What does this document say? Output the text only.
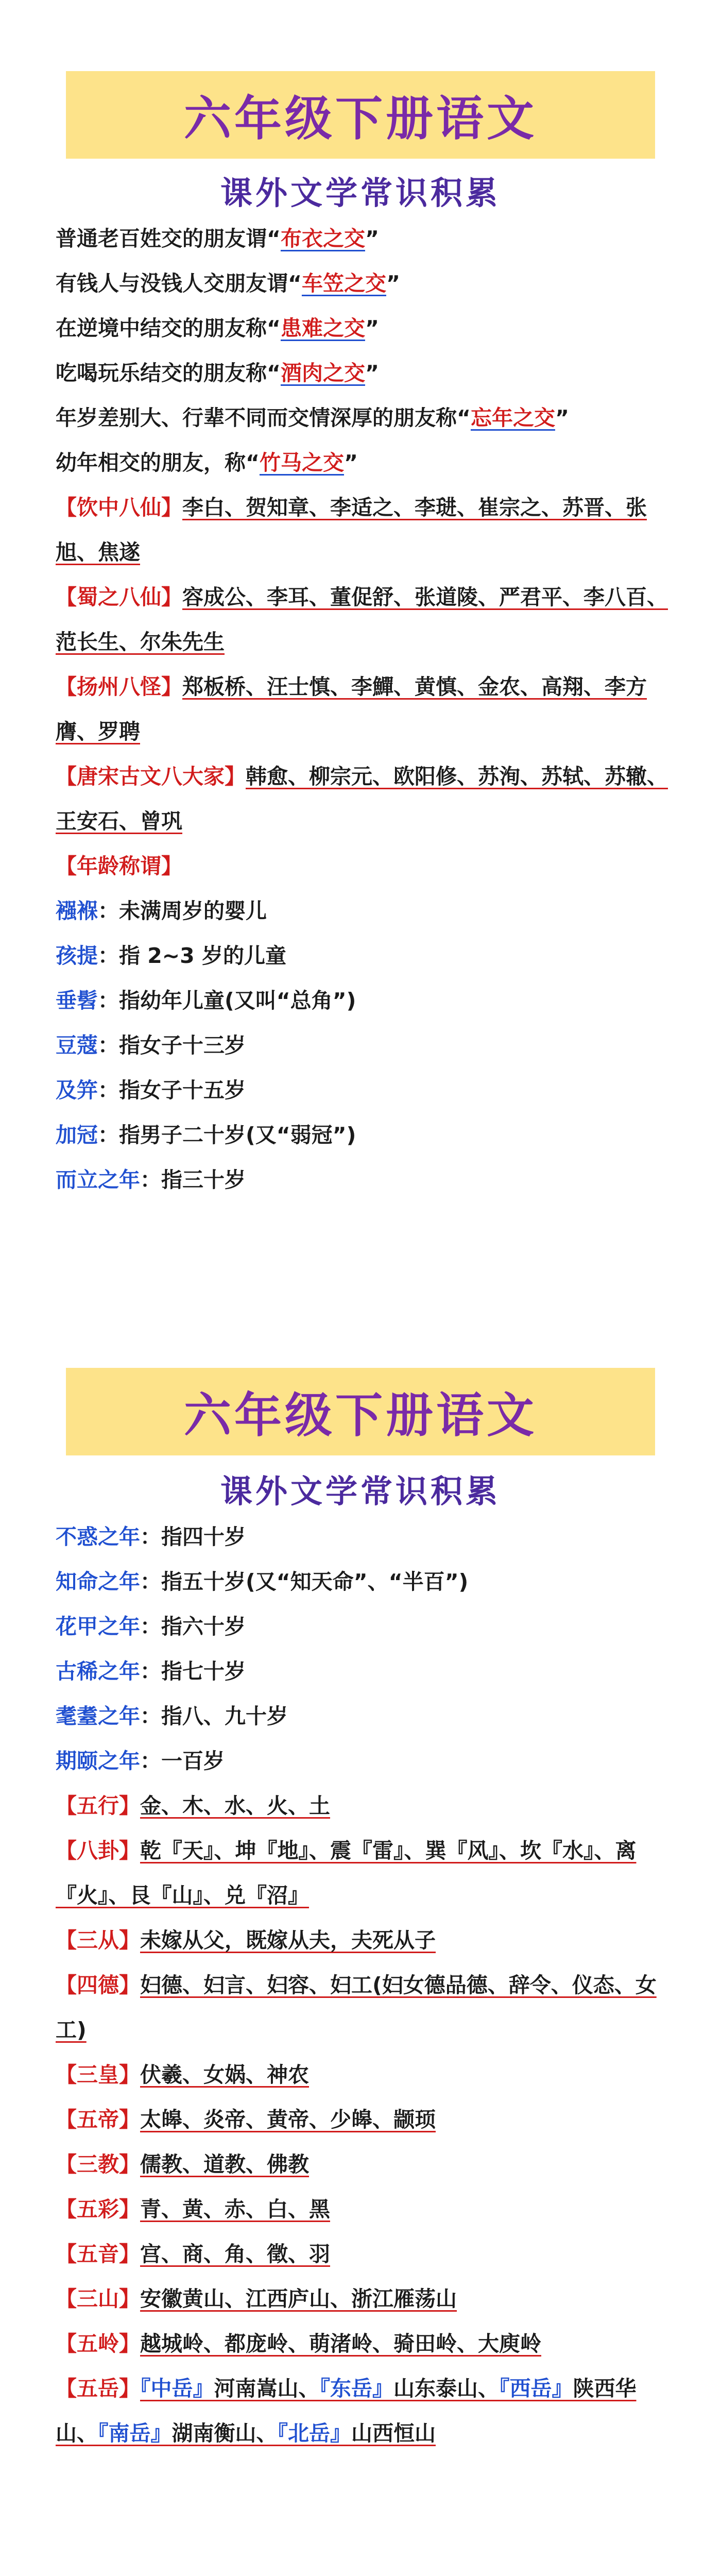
六年级下册语文
课外文学常识积累
普通老百姓交的朋友谓“布衣之交”
有钱人与没钱人交朋友谓“车笠之交”
在逆境中结交的朋友称“患难之交”
吃喝玩乐结交的朋友称“酒肉之交”
年岁差别大、行辈不同而交情深厚的朋友称“忘年之交”
幼年相交的朋友，称“竹马之交”
【饮中八仙】李白、贺知章、李适之、李琎、崔宗之、苏晋、张旭、焦遂
【蜀之八仙】容成公、李耳、董促舒、张道陵、严君平、李八百、范长生、尔朱先生
【扬州八怪】郑板桥、汪士慎、李鱓、黄慎、金农、高翔、李方膺、罗聘
【唐宋古文八大家】韩愈、柳宗元、欧阳修、苏洵、苏轼、苏辙、王安石、曾巩
【年龄称谓】
襁褓：未满周岁的婴儿
孩提：指 2~3 岁的儿童
垂髫：指幼年儿童(又叫“总角”)
豆蔻：指女子十三岁
及笄：指女子十五岁
加冠：指男子二十岁(又“弱冠”)
而立之年：指三十岁
六年级下册语文
课外文学常识积累
不惑之年：指四十岁
知命之年：指五十岁(又“知天命”、“半百”)
花甲之年：指六十岁
古稀之年：指七十岁
耄耋之年：指八、九十岁
期颐之年：一百岁
【五行】金、木、水、火、土
【八卦】乾『天』、坤『地』、震『雷』、巽『风』、坎『水』、离『火』、艮『山』、兑『沼』
【三从】未嫁从父，既嫁从夫，夫死从子
【四德】妇德、妇言、妇容、妇工(妇女德品德、辞令、仪态、女工)
【三皇】伏羲、女娲、神农
【五帝】太皞、炎帝、黄帝、少皞、颛顼
【三教】儒教、道教、佛教
【五彩】青、黄、赤、白、黑
【五音】宫、商、角、徵、羽
【三山】安徽黄山、江西庐山、浙江雁荡山
【五岭】越城岭、都庞岭、萌渚岭、骑田岭、大庾岭
【五岳】『中岳』河南嵩山、『东岳』山东泰山、『西岳』陕西华山、『南岳』湖南衡山、『北岳』山西恒山
